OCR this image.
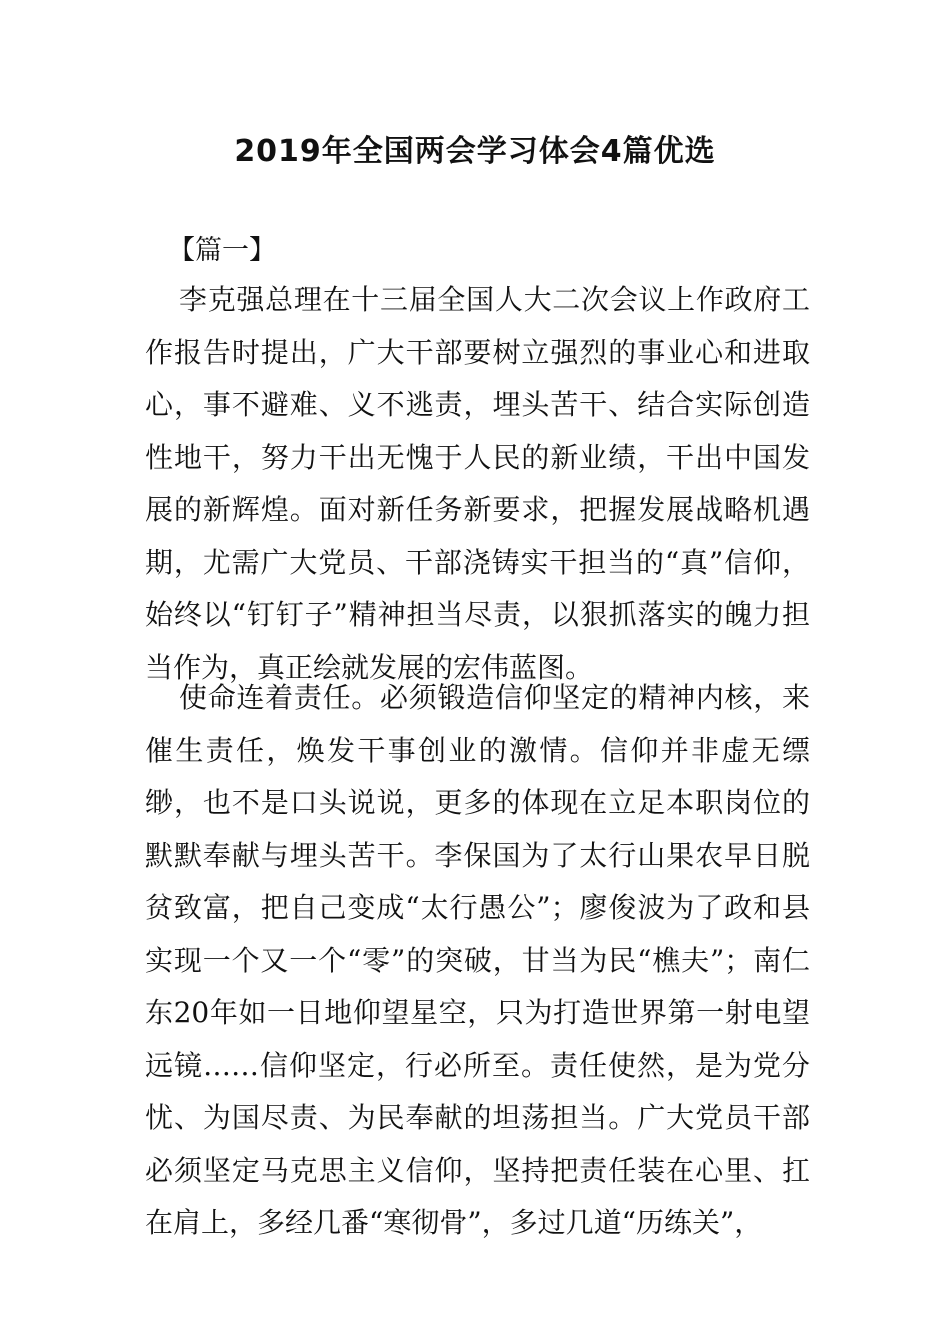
2019年全国两会学习体会4篇优选

【篇一】

李克强总理在十三届全国人大二次会议上作政府工作报告时提出，广大干部要树立强烈的事业心和进取心，事不避难、义不逃责，埋头苦干、结合实际创造性地干，努力干出无愧于人民的新业绩，干出中国发展的新辉煌。面对新任务新要求，把握发展战略机遇期，尤需广大党员、干部浇铸实干担当的“真”信仰，始终以“钉钉子”精神担当尽责，以狠抓落实的魄力担当作为，真正绘就发展的宏伟蓝图。

使命连着责任。必须锻造信仰坚定的精神内核，来催生责任，焕发干事创业的激情。信仰并非虚无缥缈，也不是口头说说，更多的体现在立足本职岗位的默默奉献与埋头苦干。李保国为了太行山果农早日脱贫致富，把自己变成“太行愚公”；廖俊波为了政和县实现一个又一个“零”的突破，甘当为民“樵夫”；南仁东20年如一日地仰望星空，只为打造世界第一射电望远镜……信仰坚定，行必所至。责任使然，是为党分忧、为国尽责、为民奉献的坦荡担当。广大党员干部必须坚定马克思主义信仰，坚持把责任装在心里、扛在肩上，多经几番“寒彻骨”，多过几道“历练关”，
